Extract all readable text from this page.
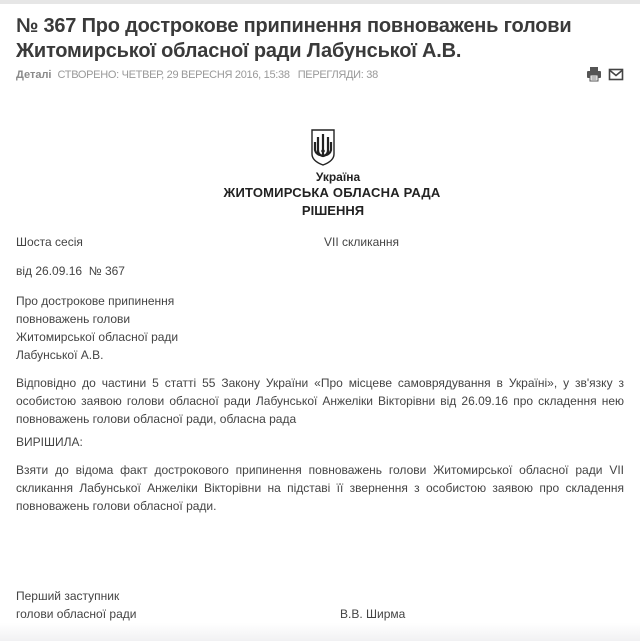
№ 367 Про дострокове припинення повноважень голови Житомирської обласної ради Лабунської А.В.
Деталі СТВОРЕНО: ЧЕТВЕР, 29 ВЕРЕСНЯ 2016, 15:38 ПЕРЕГЛЯДИ: 38
Україна
ЖИТОМИРСЬКА ОБЛАСНА РАДА
РІШЕННЯ
Шоста сесія	VII скликання
від 26.09.16  № 367
Про дострокове припинення
повноважень голови
Житомирської обласної ради
Лабунської А.В.

Відповідно до частини 5 статті 55 Закону України «Про місцеве самоврядування в Україні», у зв'язку з особистою заявою голови обласної ради Лабунської Анжеліки Вікторівни від 26.09.16 про складення нею повноважень голови обласної ради, обласна рада

ВИРІШИЛА:

Взяти до відома факт дострокового припинення повноважень голови Житомирської обласної ради VII скликання Лабунської Анжеліки Вікторівни на підставі її звернення з особистою заявою про складення повноважень голови обласної ради.

Перший заступник
голови обласної ради	В.В. Ширма
